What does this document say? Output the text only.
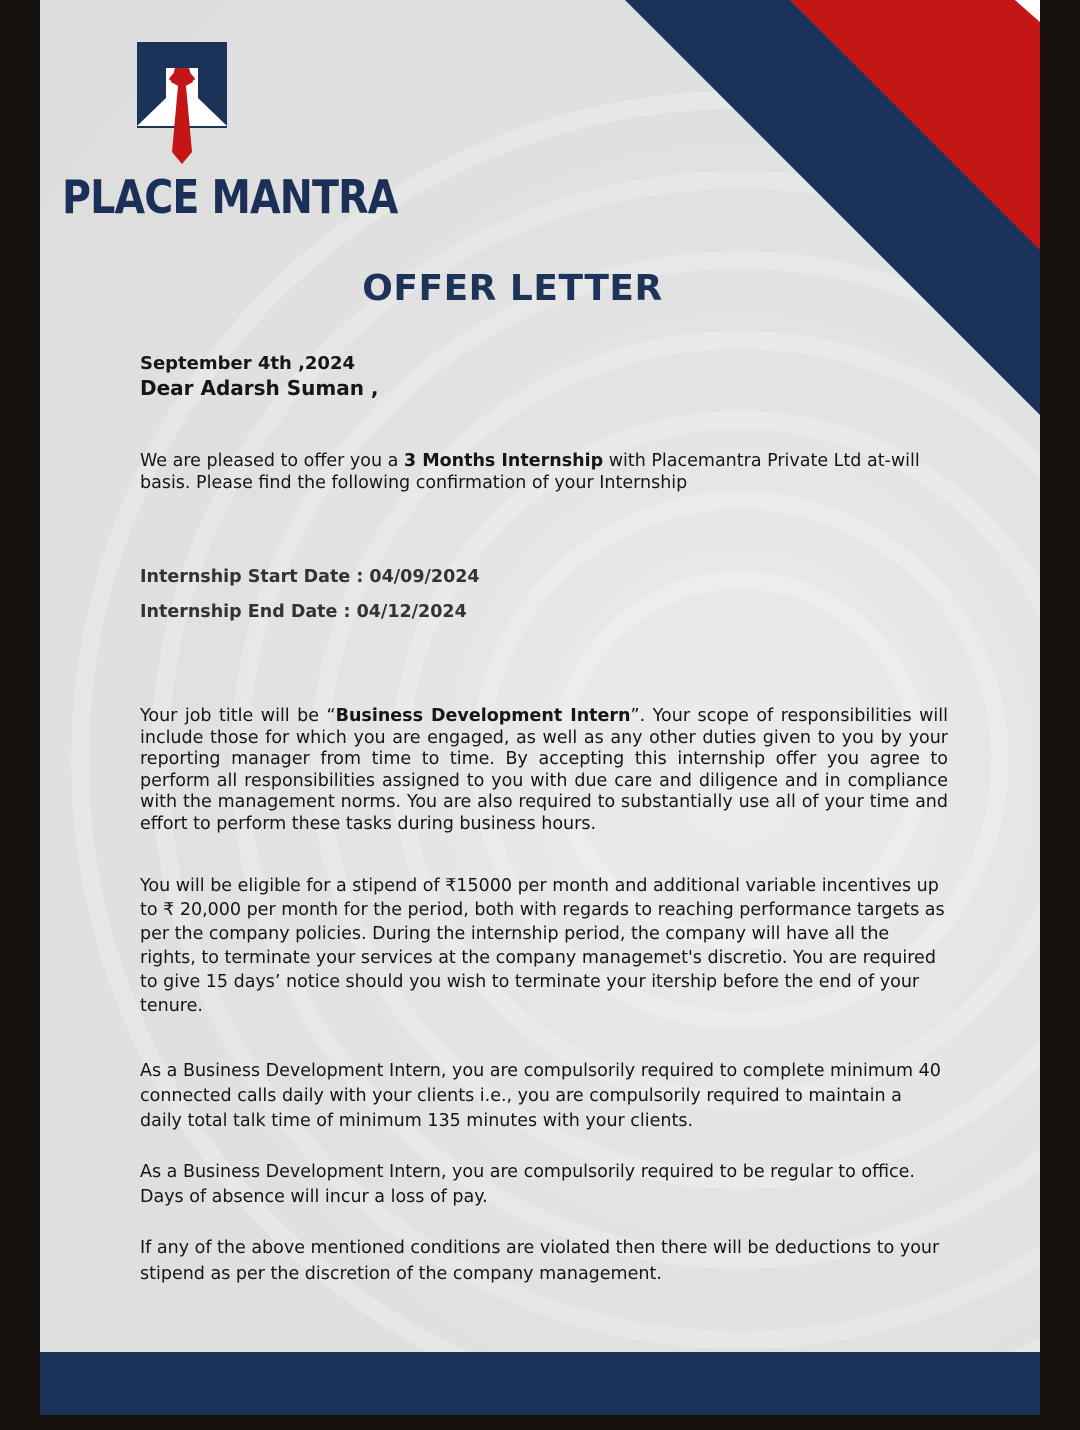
PLACE MANTRA
OFFER LETTER
September 4th ,2024
Dear Adarsh Suman ,
We are pleased to offer you a 3 Months Internship with Placemantra Private Ltd at-will basis. Please find the following confirmation of your Internship
Internship Start Date : 04/09/2024
Internship End Date : 04/12/2024
Your job title will be “Business Development Intern”. Your scope of responsibilities will include those for which you are engaged, as well as any other duties given to you by your reporting manager from time to time. By accepting this internship offer you agree to perform all responsibilities assigned to you with due care and diligence and in compliance with the management norms. You are also required to substantially use all of your time and effort to perform these tasks during business hours.
You will be eligible for a stipend of ₹15000 per month and additional variable incentives up to ₹ 20,000 per month for the period, both with regards to reaching performance targets as per the company policies. During the internship period, the company will have all the rights, to terminate your services at the company managemet's discretio. You are required to give 15 days’ notice should you wish to terminate your itership before the end of your tenure.
As a Business Development Intern, you are compulsorily required to complete minimum 40 connected calls daily with your clients i.e., you are compulsorily required to maintain a daily total talk time of minimum 135 minutes with your clients.
As a Business Development Intern, you are compulsorily required to be regular to office. Days of absence will incur a loss of pay.
If any of the above mentioned conditions are violated then there will be deductions to your stipend as per the discretion of the company management.
